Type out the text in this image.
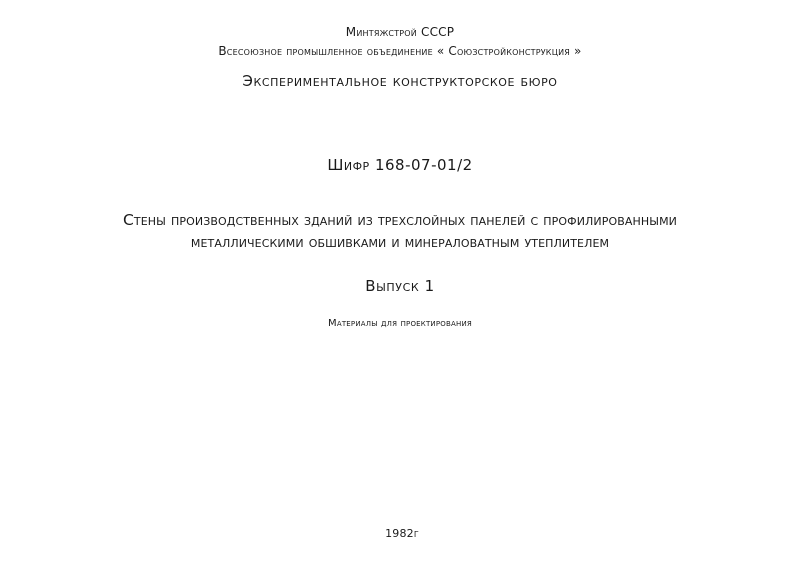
Минтяжстрой СССР
Всесоюзное промышленное объединение « Союзстройконструкция »
Экспериментальное конструкторское бюро
Шифр 168-07-01/2
Стены производственных зданий из трехслойных панелей с профилированными
металлическими обшивками и минераловатным утеплителем
Выпуск 1
Материалы для проектирования
1982г
